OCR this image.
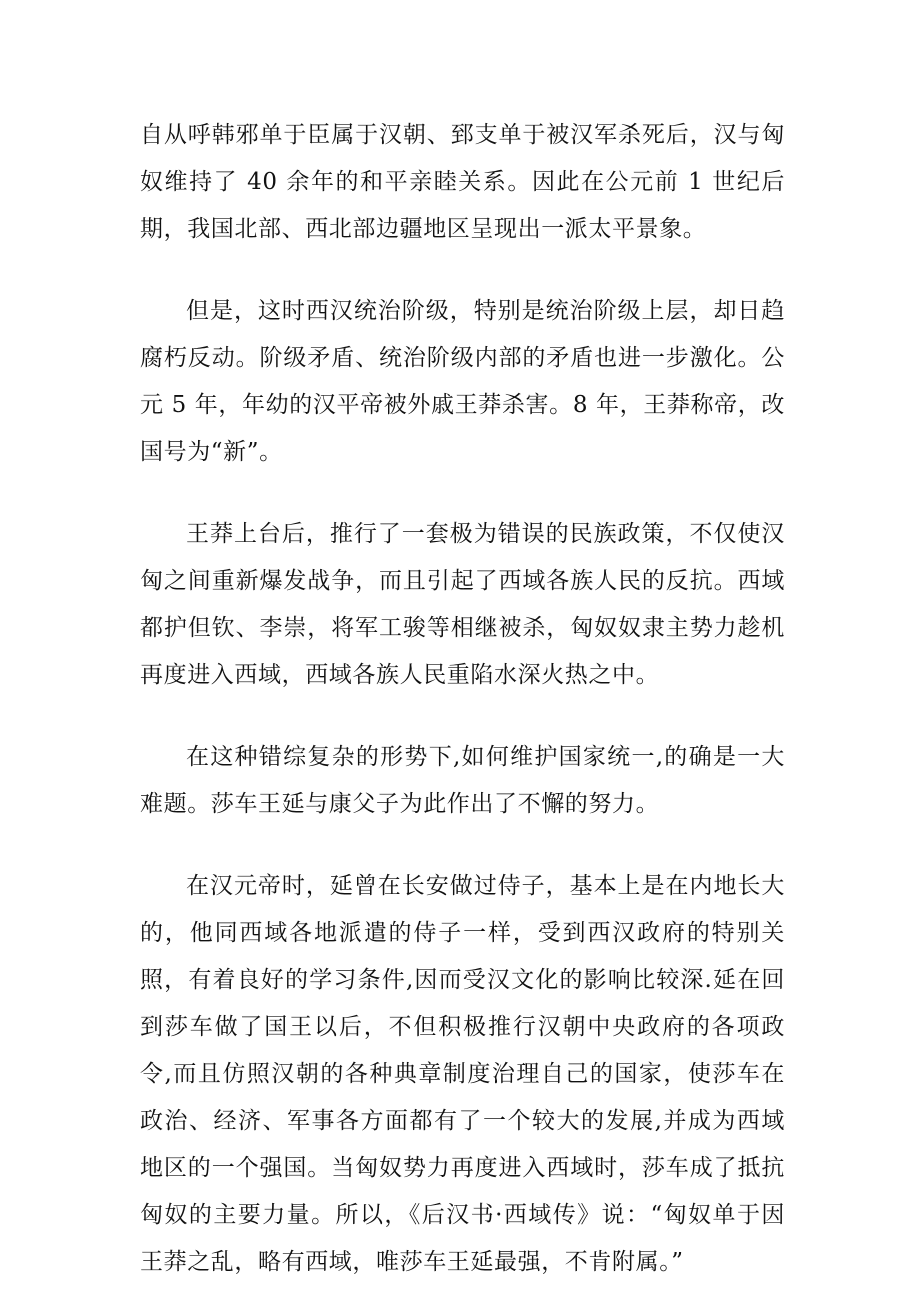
自从呼韩邪单于臣属于汉朝、郅支单于被汉军杀死后，汉与匈奴维持了 40 余年的和平亲睦关系。因此在公元前 1 世纪后期，我国北部、西北部边疆地区呈现出一派太平景象。

但是，这时西汉统治阶级，特别是统治阶级上层，却日趋腐朽反动。阶级矛盾、统治阶级内部的矛盾也进一步激化。公元 5 年，年幼的汉平帝被外戚王莽杀害。8 年，王莽称帝，改国号为“新”。

王莽上台后，推行了一套极为错误的民族政策，不仅使汉匈之间重新爆发战争，而且引起了西域各族人民的反抗。西域都护但钦、李崇，将军工骏等相继被杀，匈奴奴隶主势力趁机再度进入西域，西域各族人民重陷水深火热之中。

在这种错综复杂的形势下,如何维护国家统一,的确是一大难题。莎车王延与康父子为此作出了不懈的努力。

在汉元帝时，延曾在长安做过侍子，基本上是在内地长大的，他同西域各地派遣的侍子一样，受到西汉政府的特别关照，有着良好的学习条件,因而受汉文化的影响比较深.延在回到莎车做了国王以后，不但积极推行汉朝中央政府的各项政令,而且仿照汉朝的各种典章制度治理自己的国家，使莎车在政治、经济、军事各方面都有了一个较大的发展,并成为西域地区的一个强国。当匈奴势力再度进入西域时，莎车成了抵抗匈奴的主要力量。所以，《后汉书·西域传》说：“匈奴单于因王莽之乱，略有西域，唯莎车王延最强，不肯附属。”
